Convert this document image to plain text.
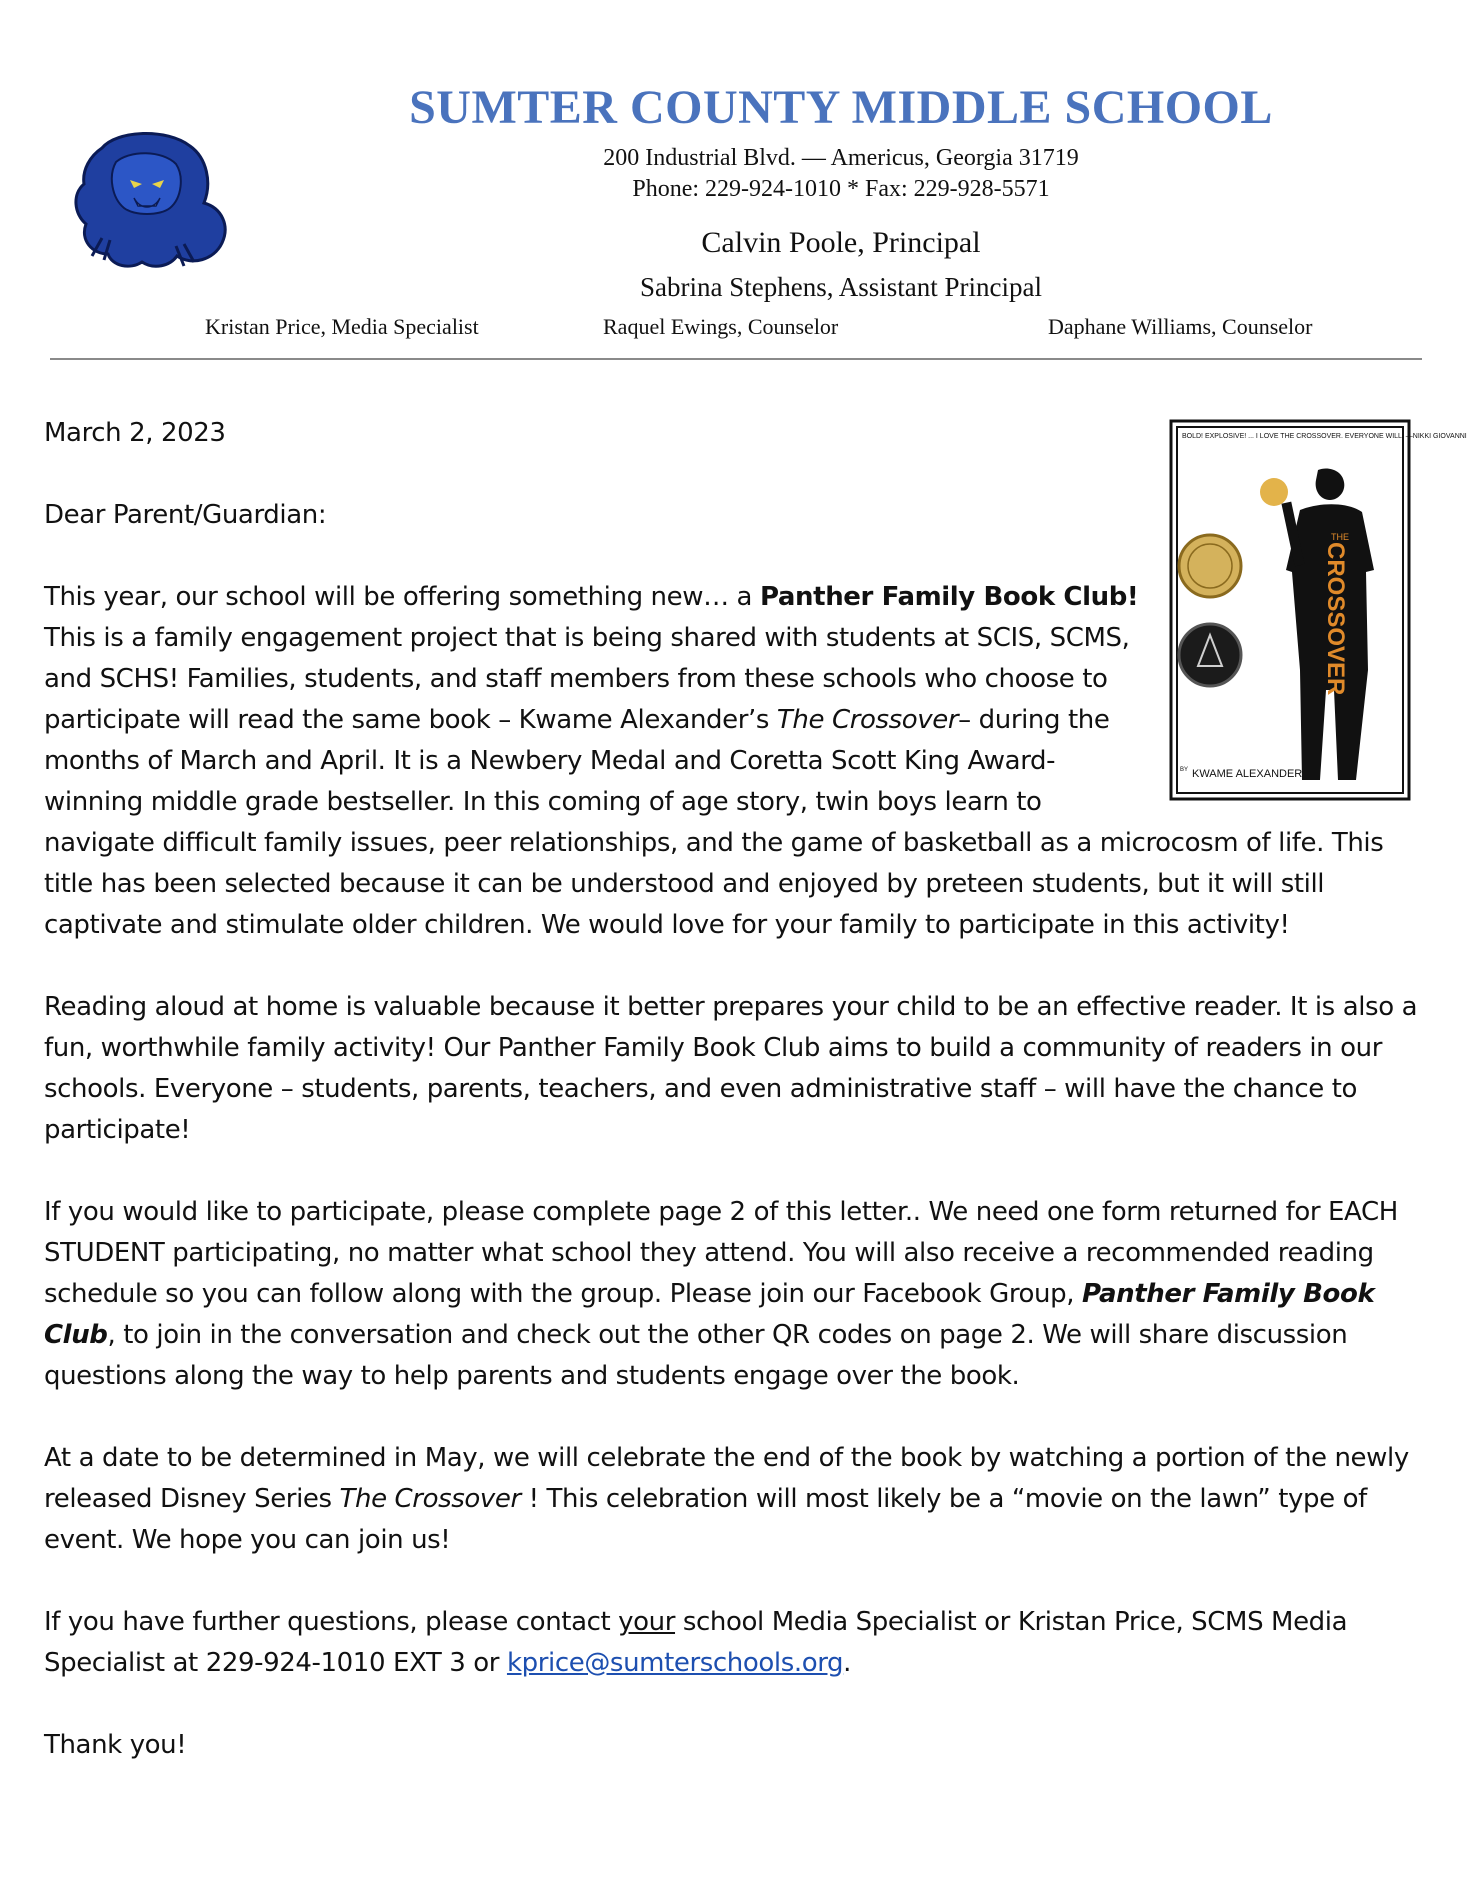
SUMTER COUNTY MIDDLE SCHOOL
200 Industrial Blvd. — Americus, Georgia 31719
Phone: 229-924-1010 * Fax: 229-928-5571
Calvin Poole, Principal
Sabrina Stephens, Assistant Principal
Kristan Price, Media Specialist	Raquel Ewings, Counselor	Daphane Williams, Counselor
BOLD! EXPLOSIVE! ... I LOVE THE CROSSOVER. EVERYONE WILL. —NIKKI GIOVANNI
THE
CROSSOVER
BY KWAME ALEXANDER

March 2, 2023

Dear Parent/Guardian:

This year, our school will be offering something new… a Panther Family Book Club! This is a family engagement project that is being shared with students at SCIS, SCMS, and SCHS! Families, students, and staff members from these schools who choose to participate will read the same book – Kwame Alexander’s The Crossover– during the months of March and April. It is a Newbery Medal and Coretta Scott King Award-winning middle grade bestseller. In this coming of age story, twin boys learn to navigate difficult family issues, peer relationships, and the game of basketball as a microcosm of life. This title has been selected because it can be understood and enjoyed by preteen students, but it will still captivate and stimulate older children. We would love for your family to participate in this activity!

Reading aloud at home is valuable because it better prepares your child to be an effective reader. It is also a fun, worthwhile family activity! Our Panther Family Book Club aims to build a community of readers in our schools. Everyone – students, parents, teachers, and even administrative staff – will have the chance to participate!

If you would like to participate, please complete page 2 of this letter.. We need one form returned for EACH STUDENT participating, no matter what school they attend. You will also receive a recommended reading schedule so you can follow along with the group. Please join our Facebook Group, Panther Family Book Club, to join in the conversation and check out the other QR codes on page 2. We will share discussion questions along the way to help parents and students engage over the book.

At a date to be determined in May, we will celebrate the end of the book by watching a portion of the newly released Disney Series The Crossover ! This celebration will most likely be a “movie on the lawn” type of event. We hope you can join us!

If you have further questions, please contact your school Media Specialist or Kristan Price, SCMS Media Specialist at 229-924-1010 EXT 3 or kprice@sumterschools.org.

Thank you!
